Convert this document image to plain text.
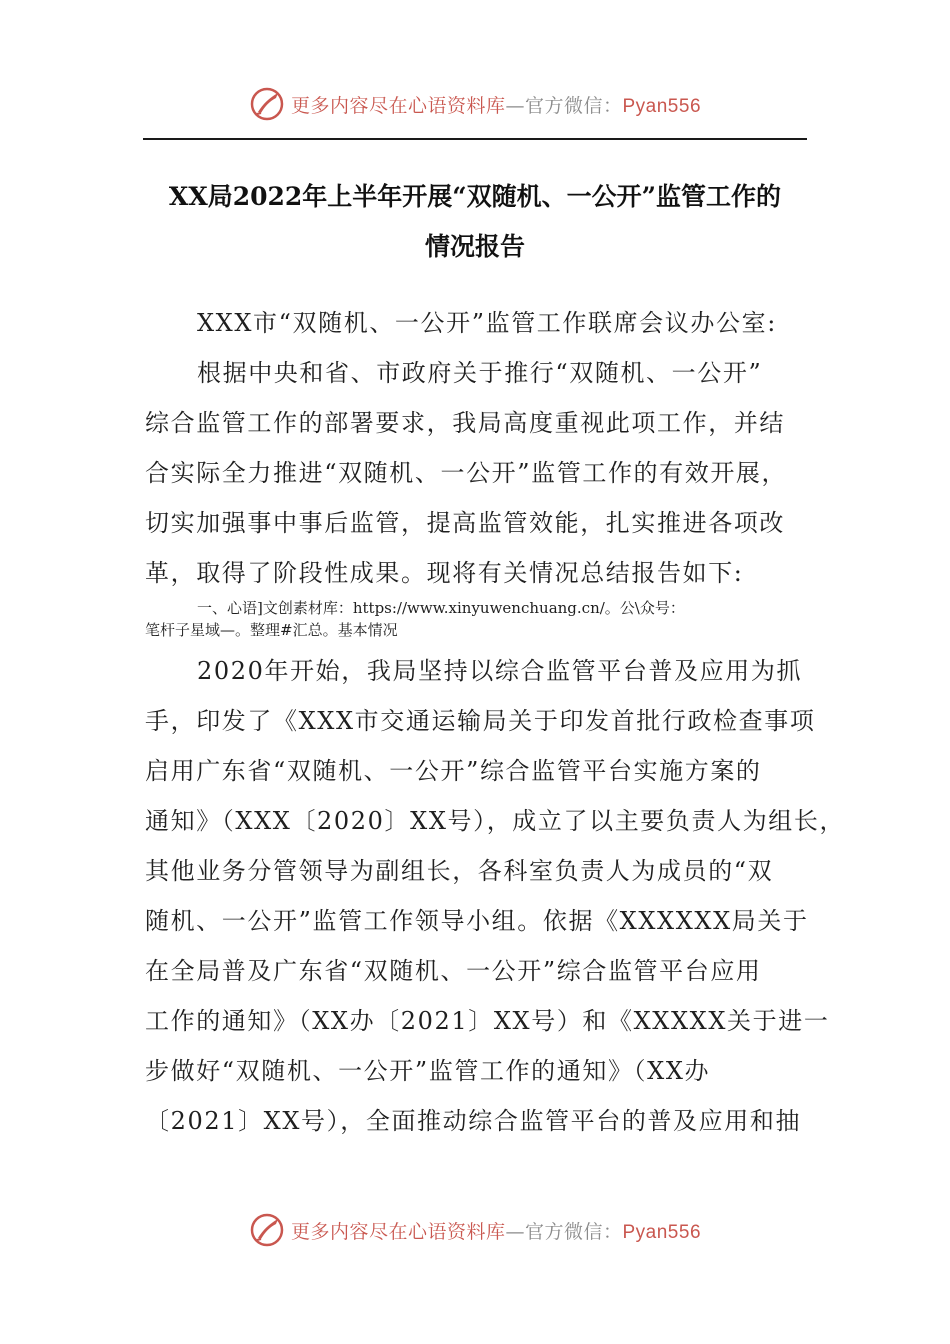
更多内容尽在心语资料库—官方微信：Pyan556
XX局2022年上半年开展“双随机、一公开”监管工作的
情况报告
XXX市“双随机、一公开”监管工作联席会议办公室:
根据中央和省、市政府关于推行“双随机、一公开”
综合监管工作的部署要求，我局高度重视此项工作，并结
合实际全力推进“双随机、一公开”监管工作的有效开展，
切实加强事中事后监管，提高监管效能，扎实推进各项改
革，取得了阶段性成果。现将有关情况总结报告如下:
一、心语]文创素材库：https://www.xinyuwenchuang.cn/。公\众号：
笔杆子星域—。整理#汇总。基本情况
2020年开始，我局坚持以综合监管平台普及应用为抓
手，印发了《XXX市交通运输局关于印发首批行政检查事项
启用广东省“双随机、一公开”综合监管平台实施方案的
通知》（XXX〔2020〕XX号），成立了以主要负责人为组长，
其他业务分管领导为副组长，各科室负责人为成员的“双
随机、一公开”监管工作领导小组。依据《XXXXXX局关于
在全局普及广东省“双随机、一公开”综合监管平台应用
工作的通知》（XX办〔2021〕XX号）和《XXXXX关于进一
步做好“双随机、一公开”监管工作的通知》（XX办
〔2021〕XX号），全面推动综合监管平台的普及应用和抽
更多内容尽在心语资料库—官方微信：Pyan556
